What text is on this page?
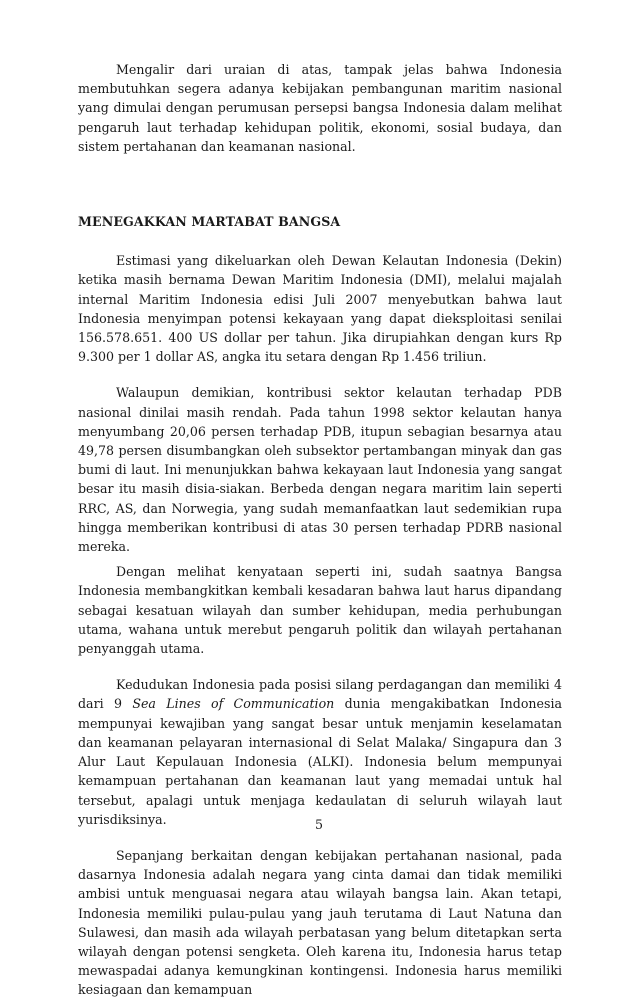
Mengalir dari uraian di atas, tampak jelas bahwa Indonesia membutuhkan segera adanya kebijakan pembangunan maritim nasional yang dimulai dengan perumusan persepsi bangsa Indonesia dalam melihat pengaruh laut terhadap kehidupan politik, ekonomi, sosial budaya, dan sistem pertahanan dan keamanan nasional.

MENEGAKKAN MARTABAT BANGSA

Estimasi yang dikeluarkan oleh Dewan Kelautan Indonesia (Dekin) ketika masih bernama Dewan Maritim Indonesia (DMI), melalui majalah internal Maritim Indonesia edisi Juli 2007 menyebutkan bahwa laut Indonesia menyimpan potensi kekayaan yang dapat dieksploitasi senilai 156.578.651. 400 US dollar per tahun. Jika dirupiahkan dengan kurs Rp 9.300 per 1 dollar AS, angka itu setara dengan Rp 1.456 triliun.

Walaupun demikian, kontribusi sektor kelautan terhadap PDB nasional dinilai masih rendah. Pada tahun 1998 sektor kelautan hanya menyumbang 20,06 persen terhadap PDB, itupun sebagian besarnya atau 49,78 persen disumbangkan oleh subsektor pertambangan minyak dan gas bumi di laut. Ini menunjukkan bahwa kekayaan laut Indonesia yang sangat besar itu masih disia-siakan. Berbeda dengan negara maritim lain seperti RRC, AS, dan Norwegia, yang sudah memanfaatkan laut sedemikian rupa hingga memberikan kontribusi di atas 30 persen terhadap PDRB nasional mereka.

Dengan melihat kenyataan seperti ini, sudah saatnya Bangsa Indonesia membangkitkan kembali kesadaran bahwa laut harus dipandang sebagai kesatuan wilayah dan sumber kehidupan, media perhubungan utama, wahana untuk merebut pengaruh politik dan wilayah pertahanan penyanggah utama.

Kedudukan Indonesia pada posisi silang perdagangan dan memiliki 4 dari 9 Sea Lines of Communication dunia mengakibatkan Indonesia mempunyai kewajiban yang sangat besar untuk menjamin keselamatan dan keamanan pelayaran internasional di Selat Malaka/ Singapura dan 3 Alur Laut Kepulauan Indonesia (ALKI). Indonesia belum mempunyai kemampuan pertahanan dan keamanan laut yang memadai untuk hal tersebut, apalagi untuk menjaga kedaulatan di seluruh wilayah laut yurisdiksinya.

Sepanjang berkaitan dengan kebijakan pertahanan nasional, pada dasarnya Indonesia adalah negara yang cinta damai dan tidak memiliki ambisi untuk menguasai negara atau wilayah bangsa lain. Akan tetapi, Indonesia memiliki pulau-pulau yang jauh terutama di Laut Natuna dan Sulawesi, dan masih ada wilayah perbatasan yang belum ditetapkan serta wilayah dengan potensi sengketa. Oleh karena itu, Indonesia harus tetap mewaspadai adanya kemungkinan kontingensi. Indonesia harus memiliki kesiagaan dan kemampuan

5
